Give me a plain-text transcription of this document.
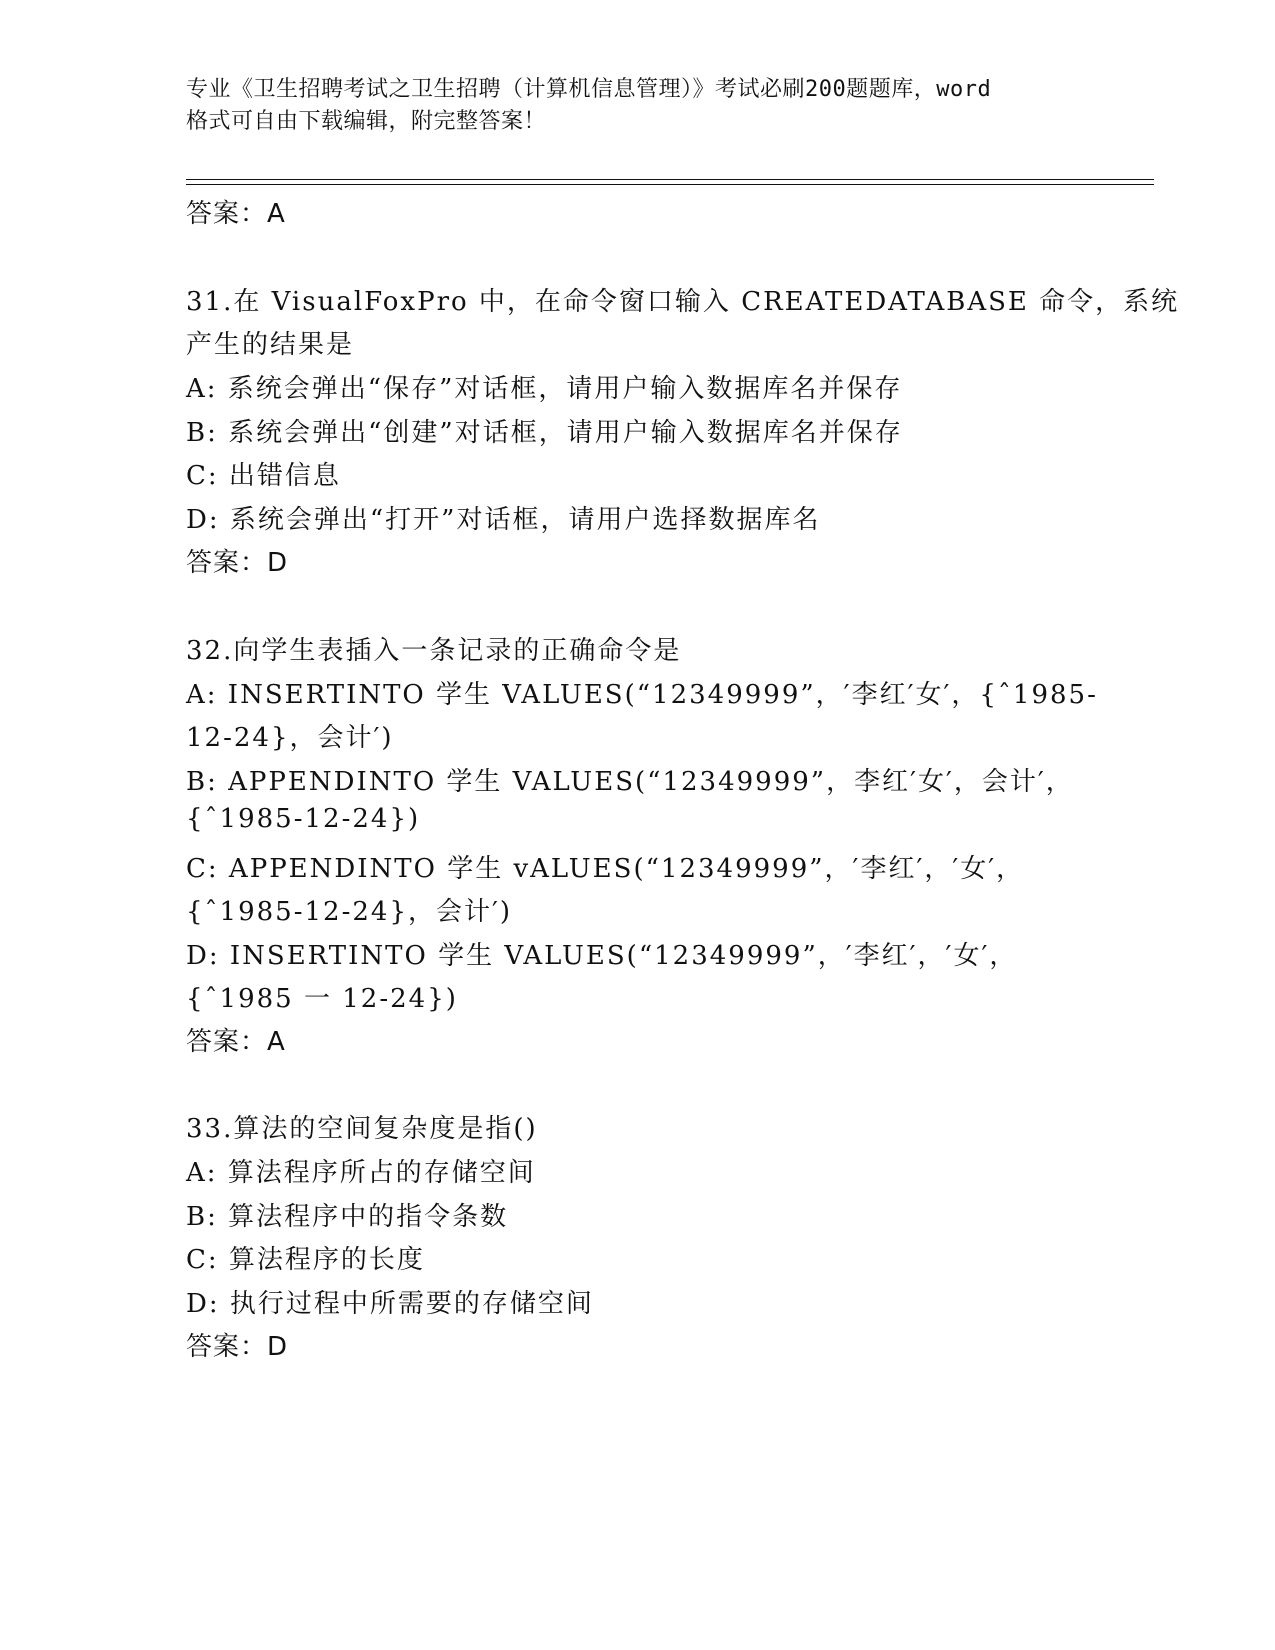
专业《卫生招聘考试之卫生招聘（计算机信息管理）》考试必刷200题题库，word
格式可自由下载编辑，附完整答案！
答案：A
31.在 VisualFoxPro 中，在命令窗口输入 CREATEDATABASE 命令，系统
产生的结果是
A: 系统会弹出“保存”对话框，请用户输入数据库名并保存
B: 系统会弹出“创建”对话框，请用户输入数据库名并保存
C: 出错信息
D: 系统会弹出“打开”对话框，请用户选择数据库名
答案：D
32.向学生表插入一条记录的正确命令是
A: INSERTINTO 学生 VALUES(“12349999”，′李红′女′，{ˆ1985-
12-24}，会计′)
B: APPENDINTO 学生 VALUES(“12349999”，李红′女′，会计′，
{ˆ1985-12-24})
C: APPENDINTO 学生 vALUES(“12349999”，′李红′，′女′，
{ˆ1985-12-24}，会计′)
D: INSERTINTO 学生 VALUES(“12349999”，′李红′，′女′，
{ˆ1985 一 12-24})
答案：A
33.算法的空间复杂度是指()
A: 算法程序所占的存储空间
B: 算法程序中的指令条数
C: 算法程序的长度
D: 执行过程中所需要的存储空间
答案：D
